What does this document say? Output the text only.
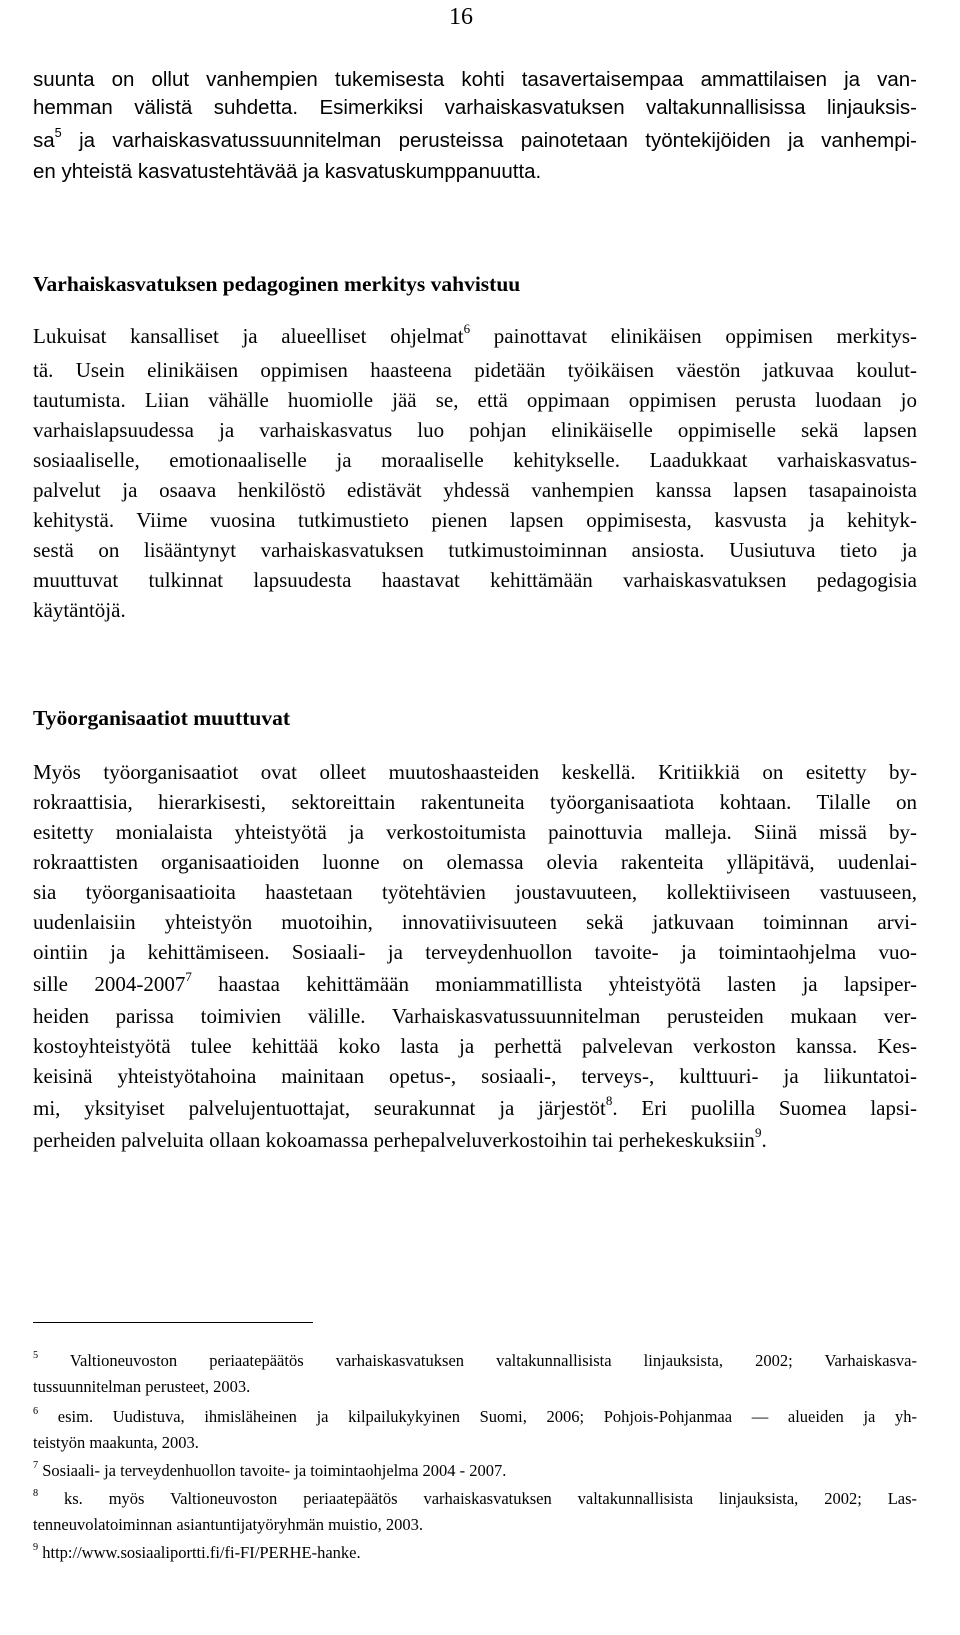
16
suunta on ollut vanhempien tukemisesta kohti tasavertaisempaa ammattilaisen ja van-
hemman välistä suhdetta. Esimerkiksi varhaiskasvatuksen valtakunnallisissa linjauksis-
$sa^5$ ja varhaiskasvatussuunnitelman perusteissa painotetaan työntekijöiden ja vanhempi-
en yhteistä kasvatustehtävää ja kasvatuskumppanuutta.
Varhaiskasvatuksen pedagoginen merkitys vahvistuu
Lukuisat kansalliset ja alueelliset ohjelmat$^6$ painottavat elinikäisen oppimisen merkitys-
tä. Usein elinikäisen oppimisen haasteena pidetään työikäisen väestön jatkuvaa koulut-
tautumista. Liian vähälle huomiolle jää se, että oppimaan oppimisen perusta luodaan jo
varhaislapsuudessa ja varhaiskasvatus luo pohjan elinikäiselle oppimiselle sekä lapsen
sosiaaliselle, emotionaaliselle ja moraaliselle kehitykselle. Laadukkaat varhaiskasvatus-
palvelut ja osaava henkilöstö edistävät yhdessä vanhempien kanssa lapsen tasapainoista
kehitystä. Viime vuosina tutkimustieto pienen lapsen oppimisesta, kasvusta ja kehityk-
sestä on lisääntynyt varhaiskasvatuksen tutkimustoiminnan ansiosta. Uusiutuva tieto ja
muuttuvat tulkinnat lapsuudesta haastavat kehittämään varhaiskasvatuksen pedagogisia
käytäntöjä.
Työorganisaatiot muuttuvat
Myös työorganisaatiot ovat olleet muutoshaasteiden keskellä. Kritiikkiä on esitetty by-
rokraattisia, hierarkisesti, sektoreittain rakentuneita työorganisaatiota kohtaan. Tilalle on
esitetty monialaista yhteistyötä ja verkostoitumista painottuvia malleja. Siinä missä by-
rokraattisten organisaatioiden luonne on olemassa olevia rakenteita ylläpitävä, uudenlai-
sia työorganisaatioita haastetaan työtehtävien joustavuuteen, kollektiiviseen vastuuseen,
uudenlaisiin yhteistyön muotoihin, innovatiivisuuteen sekä jatkuvaan toiminnan arvi-
ointiin ja kehittämiseen. Sosiaali- ja terveydenhuollon tavoite- ja toimintaohjelma vuo-
sille 2004-2007$^7$ haastaa kehittämään moniammatillista yhteistyötä lasten ja lapsiper-
heiden parissa toimivien välille. Varhaiskasvatussuunnitelman perusteiden mukaan ver-
kostoyhteistyötä tulee kehittää koko lasta ja perhettä palvelevan verkoston kanssa. Kes-
keisinä yhteistyötahoina mainitaan opetus-, sosiaali-, terveys-, kulttuuri- ja liikuntatoi-
mi, yksityiset palvelujentuottajat, seurakunnat ja järjestöt$^8$. Eri puolilla Suomea lapsi-
perheiden palveluita ollaan kokoamassa perhepalveluverkostoihin tai perhekeskuksiin$^9$.
$^5$ Valtioneuvoston periaatepäätös varhaiskasvatuksen valtakunnallisista linjauksista, 2002; Varhaiskasva-
tussuunnitelman perusteet, 2003.
$^6$ esim. Uudistuva, ihmisläheinen ja kilpailukykyinen Suomi, 2006; Pohjois-Pohjanmaa — alueiden ja yh-
teistyön maakunta, 2003.
$^7$ Sosiaali- ja terveydenhuollon tavoite- ja toimintaohjelma 2004 - 2007.
$^8$ ks. myös Valtioneuvoston periaatepäätös varhaiskasvatuksen valtakunnallisista linjauksista, 2002; Las-
tenneuvolatoiminnan asiantuntijatyöryhmän muistio, 2003.
$^9$ http://www.sosiaaliportti.fi/fi-FI/PERHE-hanke.
